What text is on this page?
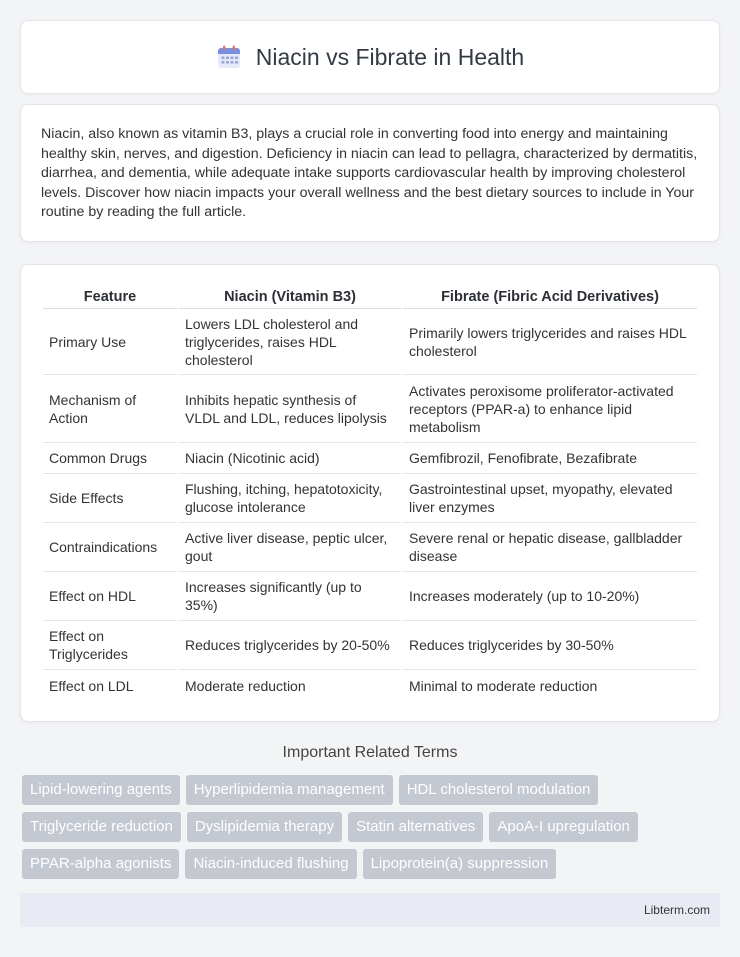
Niacin vs Fibrate in Health

Niacin, also known as vitamin B3, plays a crucial role in converting food into energy and maintaining healthy skin, nerves, and digestion. Deficiency in niacin can lead to pellagra, characterized by dermatitis, diarrhea, and dementia, while adequate intake supports cardiovascular health by improving cholesterol levels. Discover how niacin impacts your overall wellness and the best dietary sources to include in Your routine by reading the full article.

Feature	Niacin (Vitamin B3)	Fibrate (Fibric Acid Derivatives)
Primary Use	Lowers LDL cholesterol and triglycerides, raises HDL cholesterol	Primarily lowers triglycerides and raises HDL cholesterol
Mechanism of Action	Inhibits hepatic synthesis of VLDL and LDL, reduces lipolysis	Activates peroxisome proliferator-activated receptors (PPAR-a) to enhance lipid metabolism
Common Drugs	Niacin (Nicotinic acid)	Gemfibrozil, Fenofibrate, Bezafibrate
Side Effects	Flushing, itching, hepatotoxicity, glucose intolerance	Gastrointestinal upset, myopathy, elevated liver enzymes
Contraindications	Active liver disease, peptic ulcer, gout	Severe renal or hepatic disease, gallbladder disease
Effect on HDL	Increases significantly (up to 35%)	Increases moderately (up to 10-20%)
Effect on Triglycerides	Reduces triglycerides by 20-50%	Reduces triglycerides by 30-50%
Effect on LDL	Moderate reduction	Minimal to moderate reduction
Important Related Terms
Lipid-lowering agents	Hyperlipidemia management	HDL cholesterol modulation
Triglyceride reduction	Dyslipidemia therapy	Statin alternatives	ApoA-I upregulation
PPAR-alpha agonists	Niacin-induced flushing	Lipoprotein(a) suppression
Libterm.com
